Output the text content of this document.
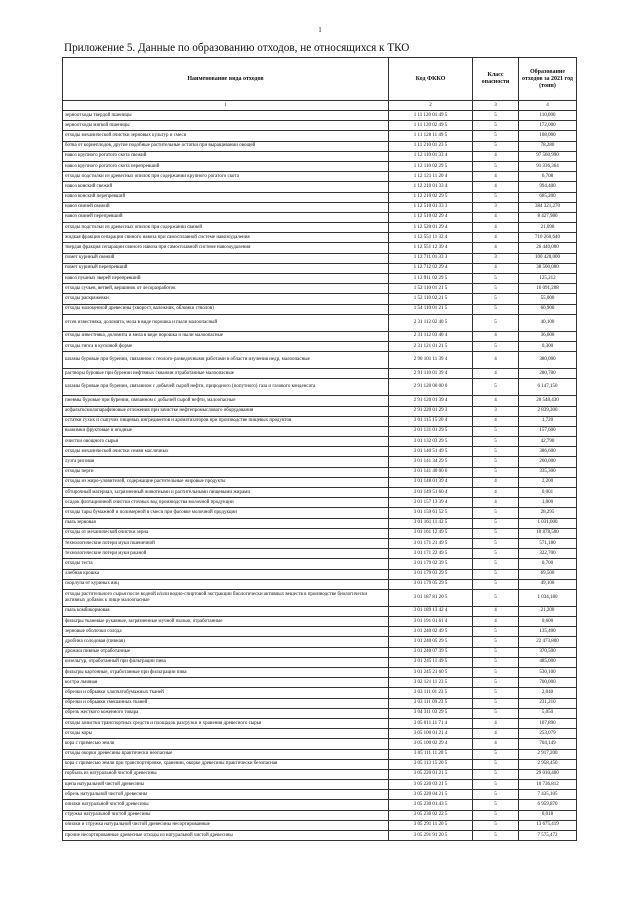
1
Приложение 5. Данные по образованию отходов, не относящихся к ТКО
Наименование вида отходов	Код ФККО	Класс опасности	Образование отходов за 2021 год (тонн)
1	2	3	4
зерноотходы твердой пшеницы	1 11 120 01 49 5	5	110,000
зерноотходы мягкой пшеницы	1 11 120 02 49 5	5	172,000
отходы механической очистки зерновых культур и смеси	1 11 128 11 49 5	5	108,000
ботва от корнеплодов, другие подобные растительные остатки при выращивании овощей	1 11 210 01 23 5	5	78,280
навоз крупного рогатого скота свежий	1 12 110 01 33 4	4	97 560,990
навоз крупного рогатого скота перепревший	1 12 110 02 29 5	5	91 336,364
отходы подстилки из древесных опилок при содержании крупного рогатого скота	1 12 121 11 20 4	4	6,708
навоз конский свежий	1 12 210 01 33 4	4	994,400
навоз конский перепревший	1 12 210 02 29 5	5	685,200
навоз свиней свежий	1 12 510 01 33 3	3	384 321,270
навоз свиней перепревший	1 12 510 02 29 4	4	8 427,980
отходы подстилки из древесных опилок при содержании свиней	1 12 520 01 29 4	4	21,090
жидкая фракция сепарации свиного навоза при самосплавной системе навозоудаления	1 12 551 11 32 4	4	710 260,640
твердая фракция сепарации свиного навоза при самосплавной системе навозоудаления	1 12 551 12 39 4	4	26 440,000
помет куриный свежий	1 12 711 01 33 3	3	100 420,000
помет куриный перепревший	1 12 712 02 29 4	4	38 500,000
навоз пушных зверей перепревший	1 12 911 02 29 5	5	125,212
отходы сучьев, ветвей, вершинок от лесоразработок	1 52 110 01 21 5	5	16 091,208
отходы раскряжевки	1 52 110 02 21 5	5	55,000
отходы малоценной древесины (хворост, валежник, обломки стволов)	1 54 110 01 21 5	5	60,900
отсев известняка, доломита, мела в виде порошка и пыли малоопасный	2 31 112 02 40 5	5	40,100
отходы известняка, доломита и мела в виде порошка и пыли малоопасные	2 31 112 03 40 4	4	36,600
отходы гипса в кусковой форме	2 31 121 01 21 5	5	0,300
шламы буровые при бурении, связанном с геолого-разведочными работами в области изучения недр, малоопасные	2 90 101 11 39 4	4	380,000
растворы буровые при бурении нефтяных скважин отработанные малоопасные	2 91 110 01 39 4	4	280,700
шламы буровые при бурении, связанном с добычей сырой нефти, природного (попутного) газа и газового конденсата	2 91 120 00 00 0	5	6 147,150
пневмы буровые при бурении, связанном с добычей сырой нефти, малоопасные	2 91 120 01 39 4	4	20 548,430
асфальтосмолопарафиновые отложения при зачистке нефтепромыслового оборудования	2 91 220 01 29 3	3	2 839,300
остатки сухих и сыпучих пищевых ингредиентов и ароматизаторов при производстве пищевых продуктов	3 01 115 15 20 4	4	1,720
выжимки фруктовые и ягодные	3 01 131 01 29 5	5	157,600
очистки овощного сырья	3 01 132 03 29 5	5	42,790
отходы механической очистки семян масличных	3 01 140 51 49 5	5	386,600
лузга рисовая	3 01 141 34 29 5	5	260,000
отходы перги	3 01 141 40 00 0	5	335,300
отходы из жиро-уловителей, содержащие растительные жировые продукты	3 01 148 01 39 4	4	2,200
обтирочный материал, загрязненный животными и растительными пищевыми жирами	3 01 149 51 60 4	4	0,001
осадок флотационной очистки сточных вод производства молочной продукции	3 01 157 13 39 4	4	1,000
отходы тары бумажной и полимерной в смеси при фасовке молочной продукции	3 01 159 61 52 5	5	28,295
пыль зерновая	3 01 161 11 42 5	5	1 031,000
отходы от механической очистки зерна	3 01 161 12 49 5	5	10 878,500
технологические потери муки пшеничной	3 01 171 21 49 5	5	571,180
технологические потери муки ржаной	3 01 171 22 49 5	5	322,700
отходы теста	3 01 179 02 39 5	5	0,700
хлебная крошка	3 01 179 03 29 5	5	69,500
скорлупа от куриных яиц	3 01 179 05 29 5	5	49,100
отходы растительного сырья после водной и/или водно-спиртовой экстракции биологически активных веществ в производстве биологически активных добавок к пище малоопасные	3 01 187 81 20 5	5	1 034,180
пыль комбикормовая	3 01 189 13 42 4	4	21,200
фильтры тканевые рукавные, загрязненные мучной пылью, отработанные	3 01 191 01 61 4	4	0,600
зерновые оболочки солода	3 01 240 02 49 5	5	135,400
дробина солодовая (пивная)	3 01 240 05 29 5	5	22 473,800
дрожжи пивные отработанные	3 01 240 07 39 5	5	370,500
кизельгур, отработанный при фильтрации пива	3 01 245 11 49 5	5	485,000
фильтры картонные, отработанные при фильтрации пива	3 01 245 21 60 5	5	530,100
костра льняная	3 02 121 11 23 5	5	700,000
обрезки и обрывки хлопчатобумажных тканей	3 03 111 01 23 5	5	2,040
обрезки и обрывки смешанных тканей	3 03 111 09 23 5	5	231,210
обрезь жесткого коженного товара	3 04 311 03 29 5	5	5,050
отходы зачистки транспортных средств и площадок разгрузки и хранения древесного сырья	3 05 011 11 71 4	4	107,890
отходы коры	3 05 100 01 21 4	4	253,079
кора с примесью земли	3 05 100 02 29 4	4	704,149
отходы окорки древесины практически неопасные	3 05 111 11 20 5	5	2 917,200
кора с примесью земли при транспортировке, хранении, окорке древесины практически безопасная	3 05 113 15 20 5	5	2 958,450
горбыль из натуральной чистой древесины	3 05 220 01 21 5	5	29 010,400
щепа натуральной чистой древесины	3 05 220 03 21 5	5	10 736,812
обрезь натуральной чистой древесины	3 05 220 04 21 5	5	7 435,105
опилки натуральной чистой древесины	3 05 230 01 43 5	5	6 959,870
стружка натуральной чистой древесины	3 05 230 02 22 5	5	0,018
опилки и стружка натуральной чистой древесины несортированные	3 05 291 11 20 5	5	13 675,419
прочие несортированные древесные отходы из натуральной чистой древесины	3 05 291 91 20 5	5	7 575,472
